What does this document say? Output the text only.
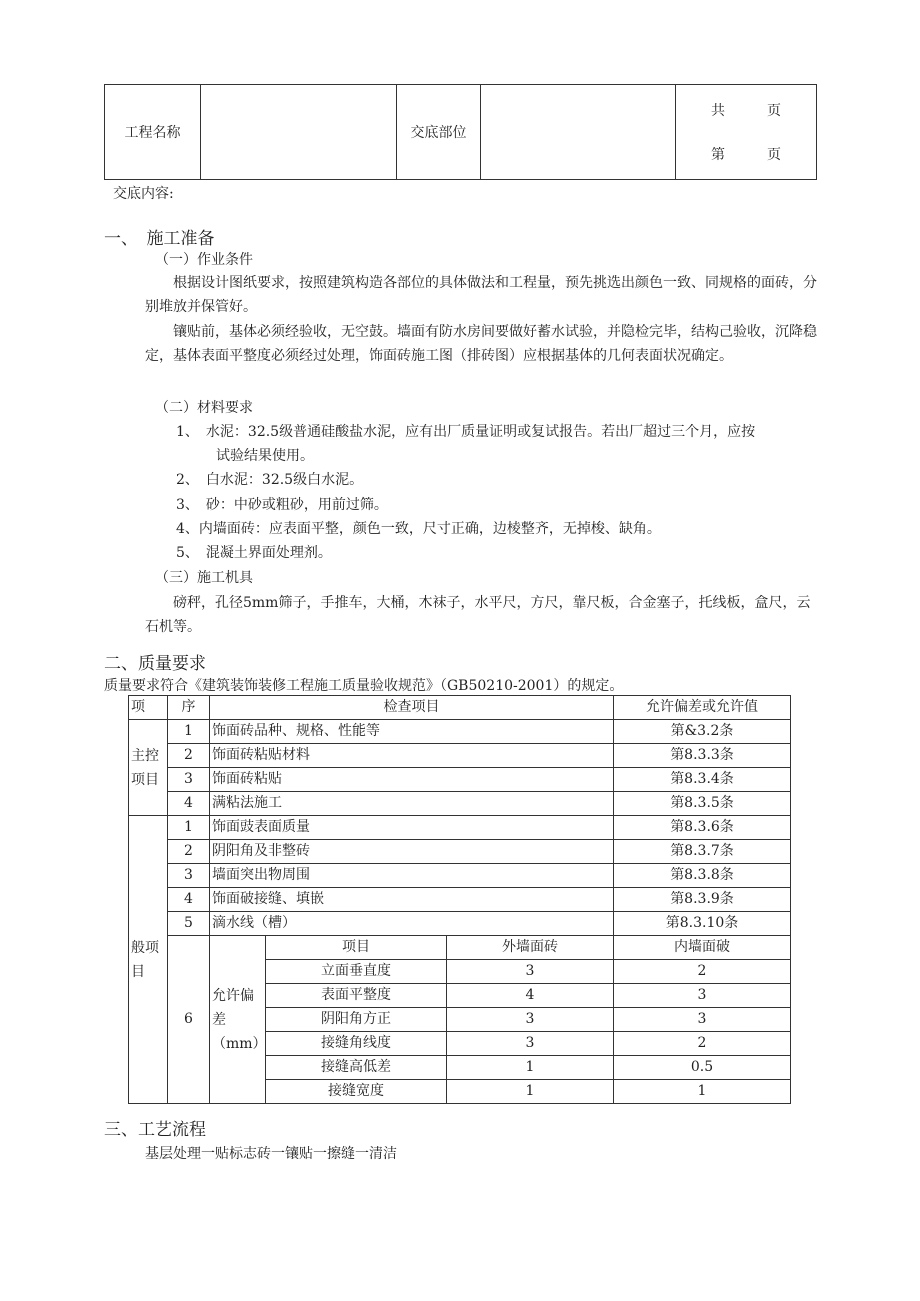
工程名称		交底部位		
共　　　页
第　　　页
交底内容:
一、　施工准备
（一）作业条件
根据设计图纸要求，按照建筑构造各部位的具体做法和工程量，预先挑选出颜色一致、同规格的面砖，分别堆放并保管好。
镶贴前，基体必须经验收，无空鼓。墙面有防水房间要做好蓄水试验，并隐检完毕，结构己验收，沉降稳定，基体表面平整度必须经过处理，饰面砖施工图（排砖图）应根据基体的几何表面状况确定。
（二）材料要求
1、　水泥：32.5级普通硅酸盐水泥，应有出厂质量证明或复试报告。若出厂超过三个月，应按
试验结果使用。
2、　白水泥：32.5级白水泥。
3、　砂：中砂或粗砂，用前过筛。
4、内墙面砖：应表面平整，颜色一致，尺寸正确，边棱整齐，无掉梭、缺角。
5、　混凝土界面处理剂。
（三）施工机具
磅秤，孔径5mm筛子，手推车，大桶，木袜子，水平尺，方尺，靠尺板，合金塞子，托线板，盒尺，云石机等。
二、质量要求
质量要求符合《建筑装饰装修工程施工质量验收规范》（GB50210-2001）的规定。
项	序	检查项目			允许偏差或允许值
主控项目	1	饰面砖品种、规格、性能等			第&3.2条
	2	饰面砖粘贴材料			第8.3.3条
	3	饰面砖粘贴			第8.3.4条
	4	满粘法施工			第8.3.5条
般项目	1	饰面豉表面质量			第8.3.6条
	2	阴阳角及非整砖			第8.3.7条
	3	墙面突出物周围			第8.3.8条
	4	饰面破接缝、填嵌			第8.3.9条
	5	滴水线（槽）			第8.3.10条
	6	允许偏差（mm）	项目	外墙面砖	内墙面破
			立面垂直度	3	2
			表面平整度	4	3
			阴阳角方正	3	3
			接缝角线度	3	2
			接缝高低差	1	0.5
			接缝宽度	1	1
三、工艺流程
基层处理一贴标志砖一镶贴一擦缝一清洁
